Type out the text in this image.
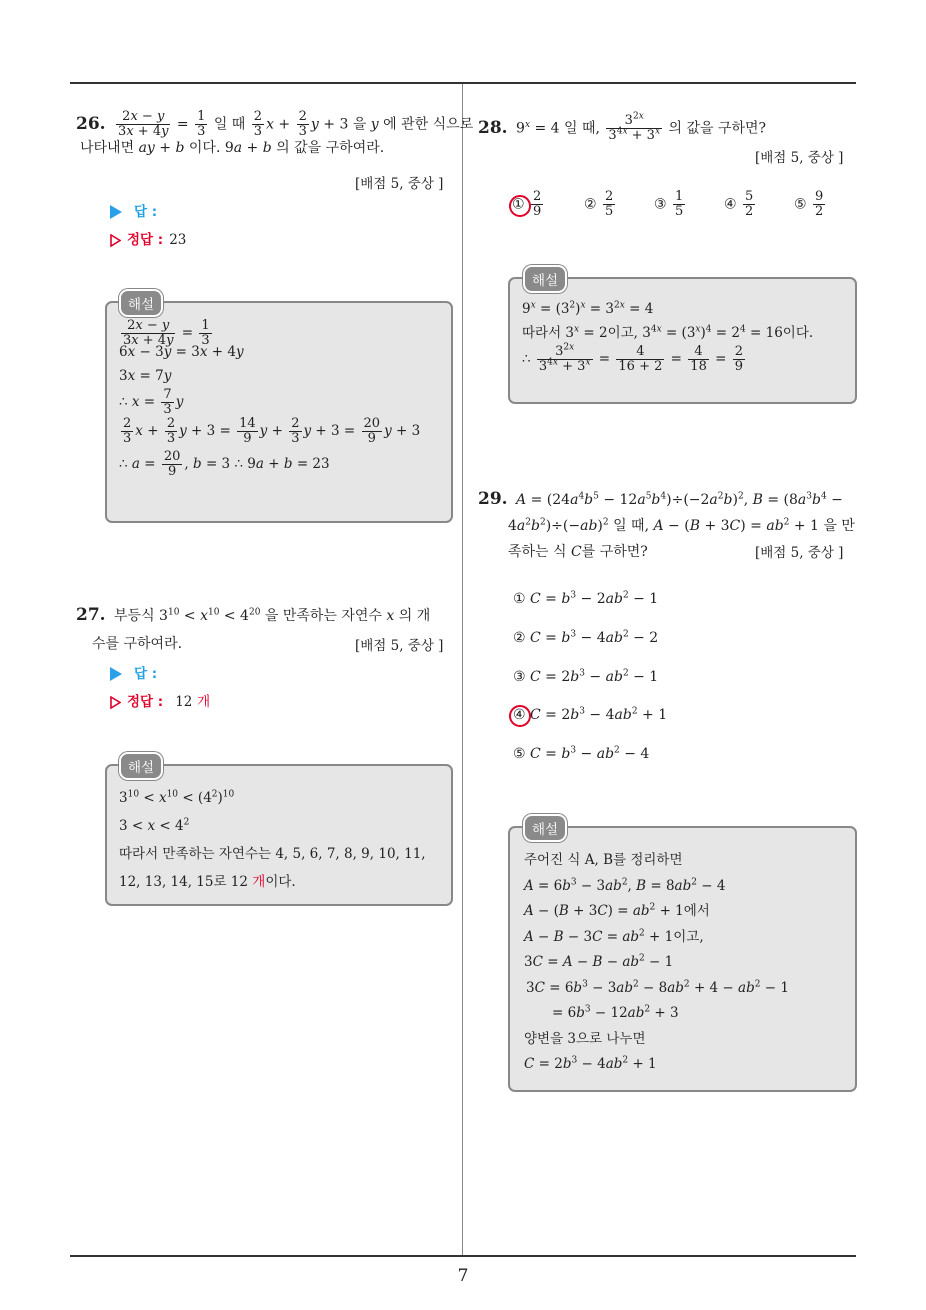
7
26. $\frac{2x - y}{3x + 4y} = \frac{1}{3}$ 일 때 $\frac{2}{3}$ $x + \frac{2}{3}$ y + 3 을 y 에 관한 식으로
나타내면 ay + b 이다. 9a + b 의 값을 구하여라.
[배점 5, 중상 ]
답 :
정답 : 23
$\frac{2x - y}{3x + 4y} = \frac{1}{3}$
6x − 3y = 3x + 4y
3x = 7y
∴ $x = \frac{7}{3}$ y
$\frac{2}{3}$ $x + \frac{2}{3}$ $y + 3 = \frac{14}{9}$ $y + \frac{2}{3}$ $y + 3 = \frac{20}{9}$ y + 3
∴ $a = \frac{20}{9}$ , b = 3 ∴ 9a + b = 23
해설
27. 부등식 $3^{10} < x^{10} < 4^{20}$ 을 만족하는 자연수 x 의 개
수를 구하여라.	[배점 5, 중상 ]
답 :
정답 : 12 개
$3^{10} < x^{10} < (4^2)^{10}$
$3 < x < 4^2$
따라서 만족하는 자연수는 4, 5, 6, 7, 8, 9, 10, 11,
12, 13, 14, 15로 12 개이다.
해설
28. $9^x = 4$ 일 때, $\frac{3^{2x}}{3^{4x} + 3^x}$ 의 값을 구하면?
[배점 5, 중상 ]
① $\frac{2}{9}$	② $\frac{2}{5}$	③ $\frac{1}{5}$	④ $\frac{5}{2}$	⑤ $\frac{9}{2}$
$9^x = (3^2)^x = 3^{2x} = 4$
따라서 $3^x = 2$이고, $3^{4x} = (3^x)^4 = 2^4 = 16$이다.
∴ $\frac{3^{2x}}{3^{4x} + 3^x} = \frac{4}{16 + 2} = \frac{4}{18} = \frac{2}{9}$
해설
29. $A = (24a^4b^5 - 12a^5b^4)\div(-2a^2b)^2$, $B = (8a^3b^4$ −
$4a^2b^2)\div(-ab)^2$ 일 때, $A - (B + 3C) = ab^2 + 1$ 을 만
족하는 식 C를 구하면?	[배점 5, 중상 ]
① $C = b^3 - 2ab^2 - 1$
② $C = b^3 - 4ab^2 - 2$
③ $C = 2b^3 - ab^2 - 1$
④ $C = 2b^3 - 4ab^2 + 1$
⑤ $C = b^3 - ab^2 - 4$
주어진 식 A, B를 정리하면
$A = 6b^3 - 3ab^2$, $B = 8ab^2 - 4$
$A - (B + 3C) = ab^2 + 1$에서
$A - B - 3C = ab^2 + 1$이고,
$3C = A - B - ab^2 - 1$
$3C = 6b^3 - 3ab^2 - 8ab^2 + 4 - ab^2 - 1$
= $6b^3 - 12ab^2 + 3$
양변을 3으로 나누면
$C = 2b^3 - 4ab^2 + 1$
해설
